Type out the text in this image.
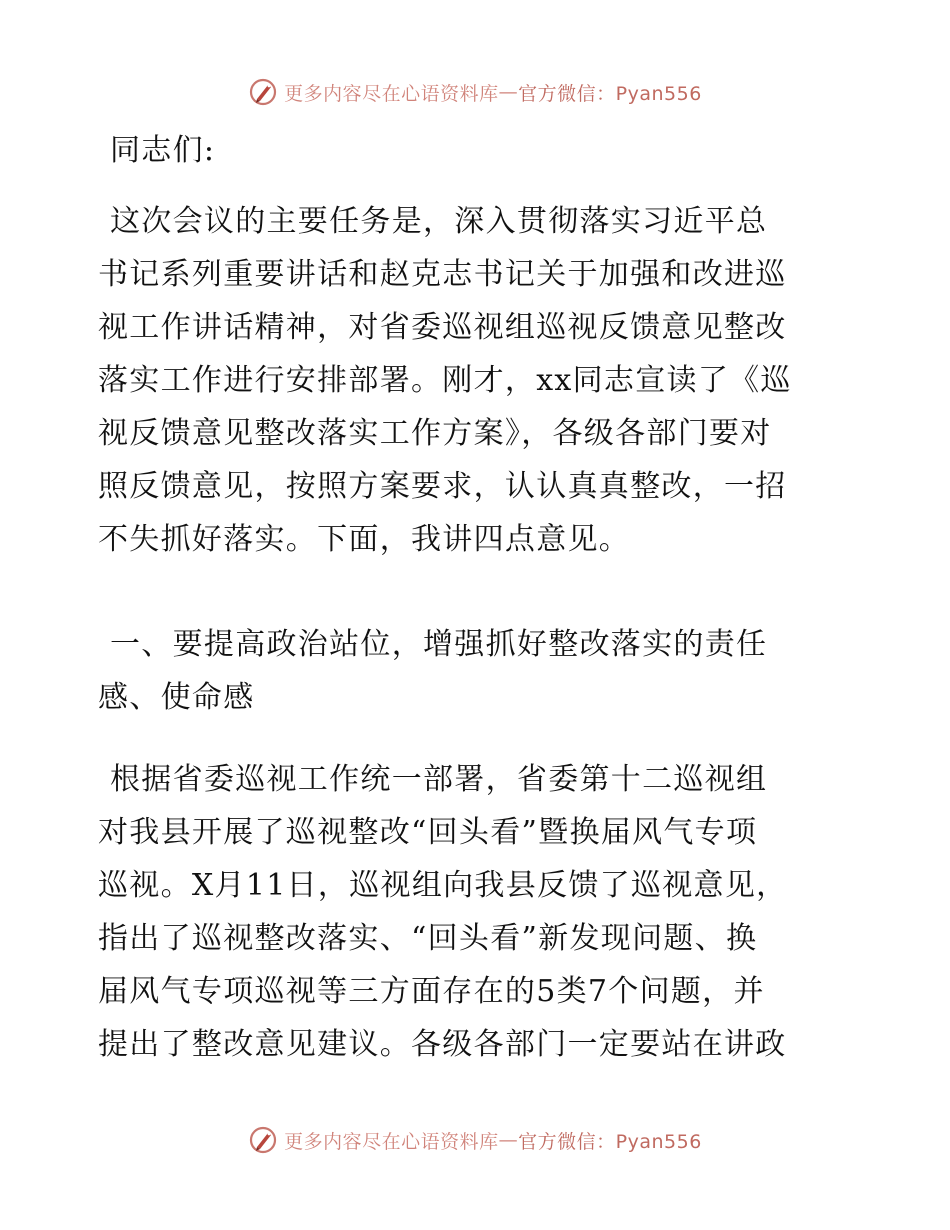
更多内容尽在心语资料库 — 官方微信：Pyan556
同志们:
这次会议的主要任务是，深入贯彻落实习近平总
书记系列重要讲话和赵克志书记关于加强和改进巡
视工作讲话精神，对省委巡视组巡视反馈意见整改
落实工作进行安排部署。刚才，xx同志宣读了《巡
视反馈意见整改落实工作方案》，各级各部门要对
照反馈意见，按照方案要求，认认真真整改，一招
不失抓好落实。下面，我讲四点意见。
一、要提高政治站位，增强抓好整改落实的责任
感、使命感
根据省委巡视工作统一部署，省委第十二巡视组
对我县开展了巡视整改“回头看”暨换届风气专项
巡视。X月11日，巡视组向我县反馈了巡视意见，
指出了巡视整改落实、“回头看”新发现问题、换
届风气专项巡视等三方面存在的5类7个问题，并
提出了整改意见建议。各级各部门一定要站在讲政
更多内容尽在心语资料库 — 官方微信：Pyan556
